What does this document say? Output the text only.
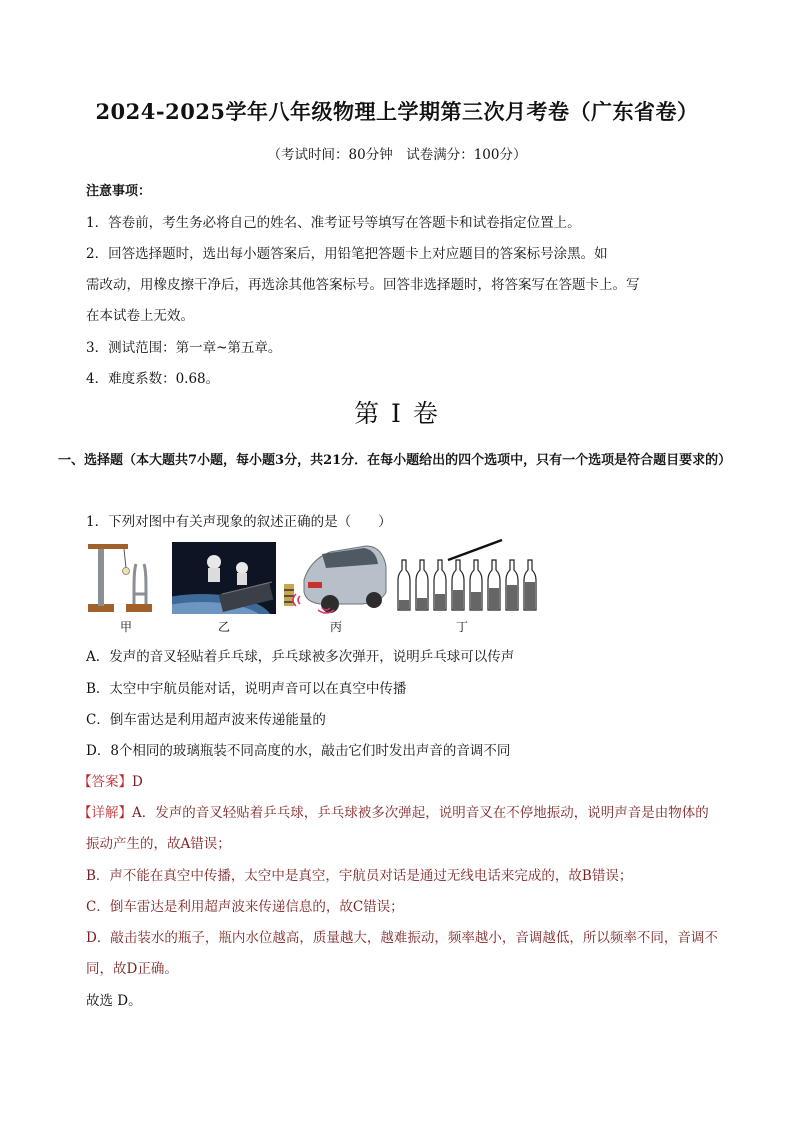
2024-2025学年八年级物理上学期第三次月考卷（广东省卷）
（考试时间：80分钟　试卷满分：100分）
注意事项：
1．答卷前，考生务必将自己的姓名、准考证号等填写在答题卡和试卷指定位置上。
2．回答选择题时，选出每小题答案后，用铅笔把答题卡上对应题目的答案标号涂黑。如
需改动，用橡皮擦干净后，再选涂其他答案标号。回答非选择题时，将答案写在答题卡上。写
在本试卷上无效。
3．测试范围：第一章~第五章。
4．难度系数：0.68。
第 I 卷
一、选择题（本大题共7小题，每小题3分，共21分．在每小题给出的四个选项中，只有一个选项是符合题目要求的）
1．下列对图中有关声现象的叙述正确的是（　　）
甲	乙	丙	丁
A．发声的音叉轻贴着乒乓球，乒乓球被多次弹开，说明乒乓球可以传声
B．太空中宇航员能对话，说明声音可以在真空中传播
C．倒车雷达是利用超声波来传递能量的
D．8个相同的玻璃瓶装不同高度的水，敲击它们时发出声音的音调不同
【答案】D
【详解】A．发声的音叉轻贴着乒乓球，乒乓球被多次弹起，说明音叉在不停地振动，说明声音是由物体的
振动产生的，故A错误；
B．声不能在真空中传播，太空中是真空，宇航员对话是通过无线电话来完成的，故B错误；
C．倒车雷达是利用超声波来传递信息的，故C错误；
D．敲击装水的瓶子，瓶内水位越高，质量越大，越难振动，频率越小，音调越低，所以频率不同，音调不
同，故D正确。
故选 D。
